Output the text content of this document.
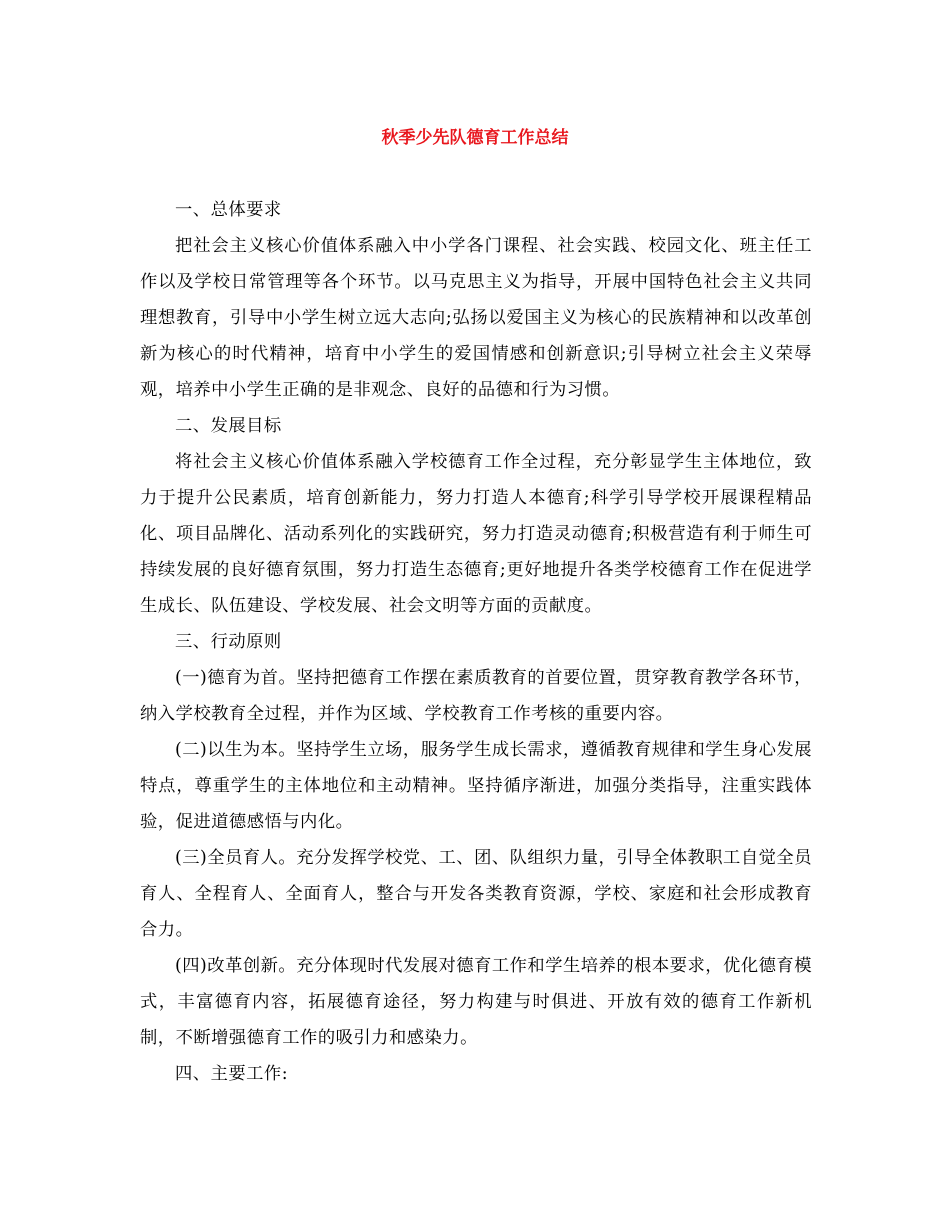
秋季少先队德育工作总结

一、总体要求

把社会主义核心价值体系融入中小学各门课程、社会实践、校园文化、班主任工作以及学校日常管理等各个环节。以马克思主义为指导，开展中国特色社会主义共同理想教育，引导中小学生树立远大志向;弘扬以爱国主义为核心的民族精神和以改革创新为核心的时代精神，培育中小学生的爱国情感和创新意识;引导树立社会主义荣辱观，培养中小学生正确的是非观念、良好的品德和行为习惯。

二、发展目标

将社会主义核心价值体系融入学校德育工作全过程，充分彰显学生主体地位，致力于提升公民素质，培育创新能力，努力打造人本德育;科学引导学校开展课程精品化、项目品牌化、活动系列化的实践研究，努力打造灵动德育;积极营造有利于师生可持续发展的良好德育氛围，努力打造生态德育;更好地提升各类学校德育工作在促进学生成长、队伍建设、学校发展、社会文明等方面的贡献度。

三、行动原则

(一)德育为首。坚持把德育工作摆在素质教育的首要位置，贯穿教育教学各环节，纳入学校教育全过程，并作为区域、学校教育工作考核的重要内容。

(二)以生为本。坚持学生立场，服务学生成长需求，遵循教育规律和学生身心发展特点，尊重学生的主体地位和主动精神。坚持循序渐进，加强分类指导，注重实践体验，促进道德感悟与内化。

(三)全员育人。充分发挥学校党、工、团、队组织力量，引导全体教职工自觉全员育人、全程育人、全面育人，整合与开发各类教育资源，学校、家庭和社会形成教育合力。

(四)改革创新。充分体现时代发展对德育工作和学生培养的根本要求，优化德育模式，丰富德育内容，拓展德育途径，努力构建与时俱进、开放有效的德育工作新机制，不断增强德育工作的吸引力和感染力。

四、主要工作:
